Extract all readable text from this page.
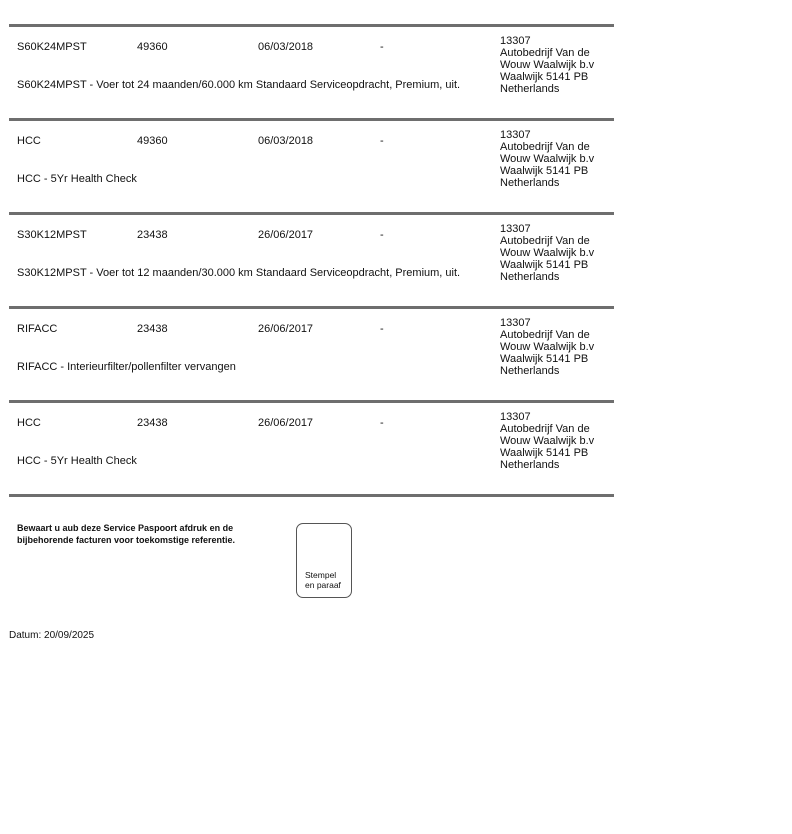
S60K24MPST	49360	06/03/2018	-
S60K24MPST - Voer tot 24 maanden/60.000 km Standaard Serviceopdracht, Premium, uit.
13307
Autobedrijf Van de
Wouw Waalwijk b.v
Waalwijk 5141 PB
Netherlands
HCC	49360	06/03/2018	-
HCC - 5Yr Health Check
13307
Autobedrijf Van de
Wouw Waalwijk b.v
Waalwijk 5141 PB
Netherlands
S30K12MPST	23438	26/06/2017	-
S30K12MPST - Voer tot 12 maanden/30.000 km Standaard Serviceopdracht, Premium, uit.
13307
Autobedrijf Van de
Wouw Waalwijk b.v
Waalwijk 5141 PB
Netherlands
RIFACC	23438	26/06/2017	-
RIFACC - Interieurfilter/pollenfilter vervangen
13307
Autobedrijf Van de
Wouw Waalwijk b.v
Waalwijk 5141 PB
Netherlands
HCC	23438	26/06/2017	-
HCC - 5Yr Health Check
13307
Autobedrijf Van de
Wouw Waalwijk b.v
Waalwijk 5141 PB
Netherlands
Bewaart u aub deze Service Paspoort afdruk en de
bijbehorende facturen voor toekomstige referentie.
Stempel
en paraaf
Datum: 20/09/2025
